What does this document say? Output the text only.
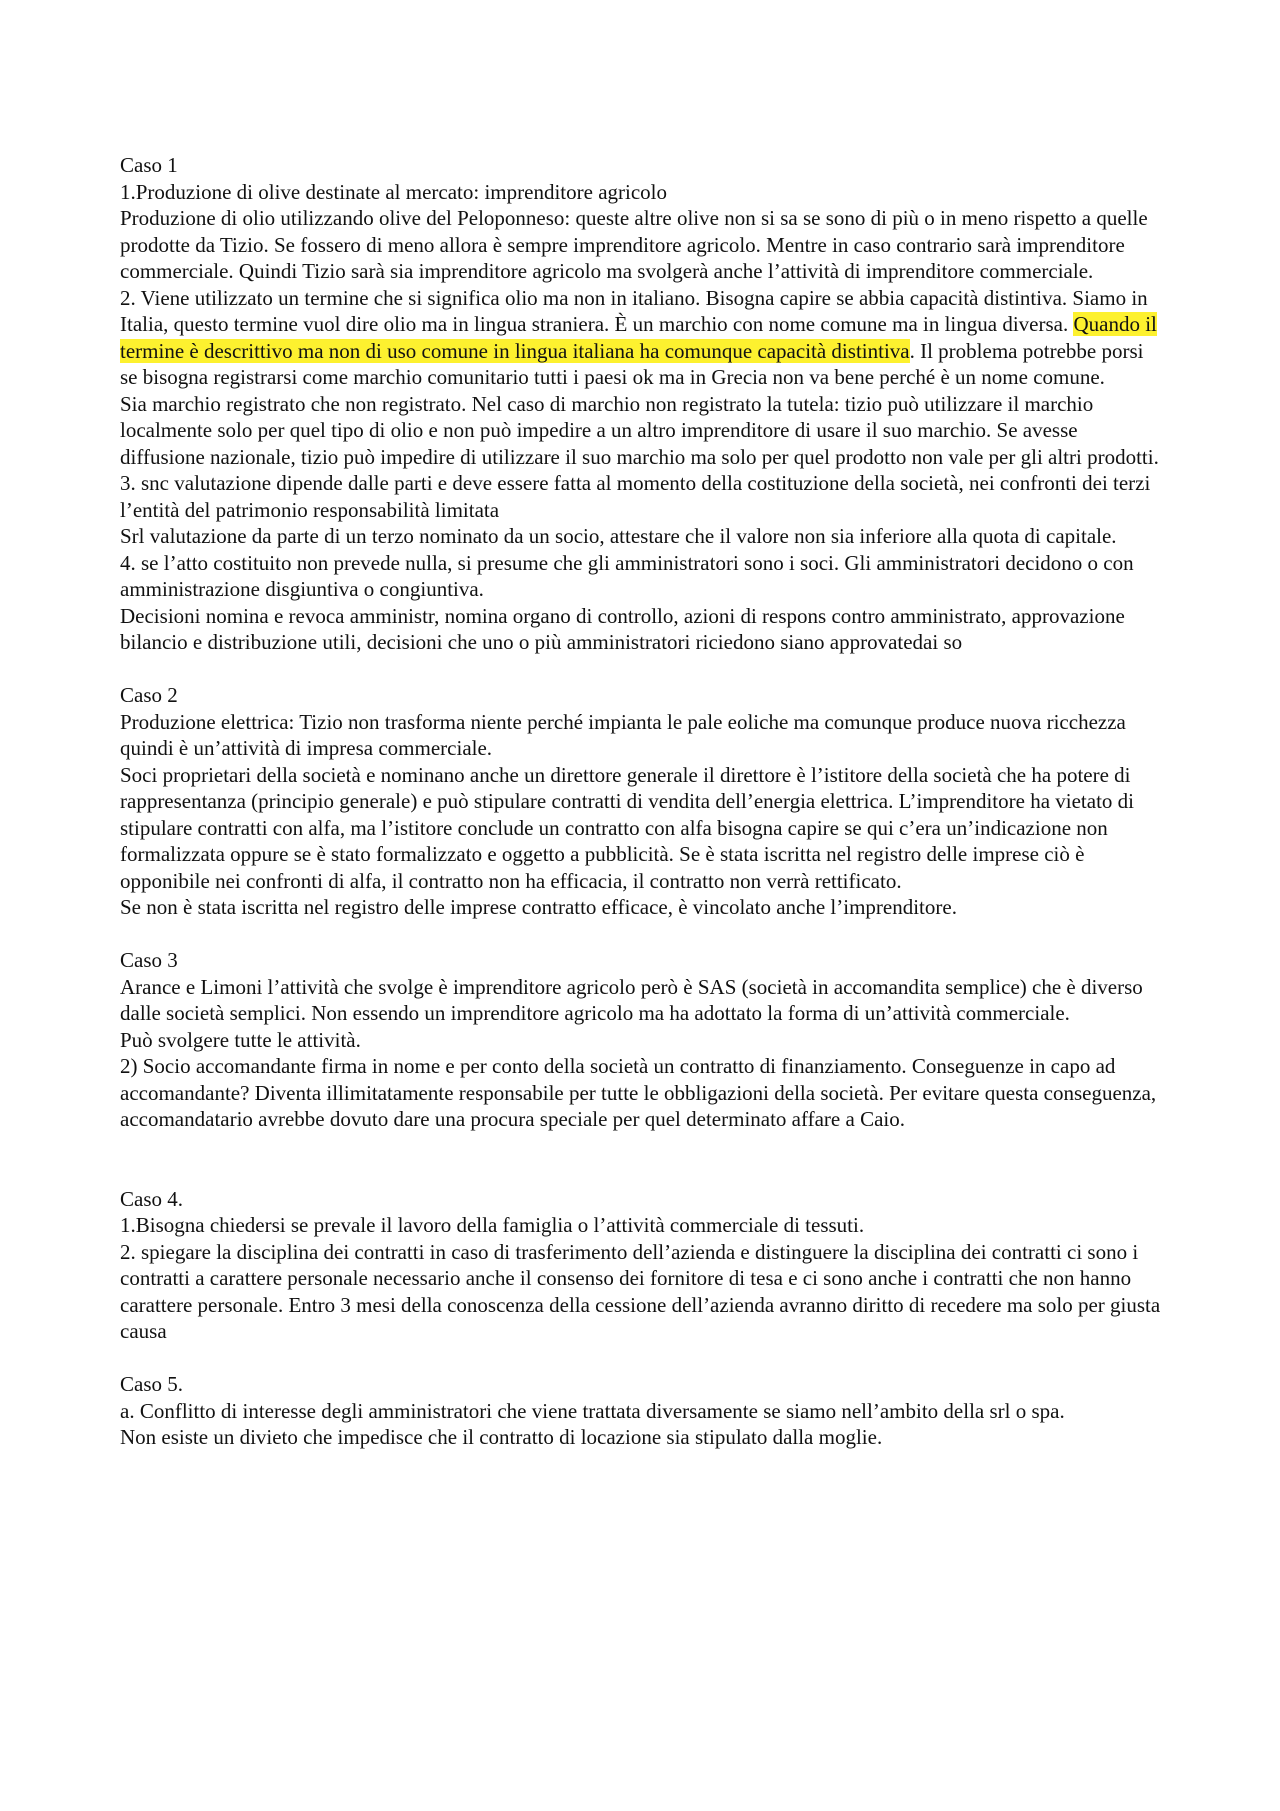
Caso 1

1.Produzione di olive destinate al mercato: imprenditore agricolo

Produzione di olio utilizzando olive del Peloponneso: queste altre olive non si sa se sono di più o in meno rispetto a quelle prodotte da Tizio. Se fossero di meno allora è sempre imprenditore agricolo. Mentre in caso contrario sarà imprenditore commerciale. Quindi Tizio sarà sia imprenditore agricolo ma svolgerà anche l’attività di imprenditore commerciale.

2. Viene utilizzato un termine che si significa olio ma non in italiano. Bisogna capire se abbia capacità distintiva. Siamo in Italia, questo termine vuol dire olio ma in lingua straniera. È un marchio con nome comune ma in lingua diversa. Quando il termine è descrittivo ma non di uso comune in lingua italiana ha comunque capacità distintiva. Il problema potrebbe porsi se bisogna registrarsi come marchio comunitario tutti i paesi ok ma in Grecia non va bene perché è un nome comune.

Sia marchio registrato che non registrato. Nel caso di marchio non registrato la tutela: tizio può utilizzare il marchio localmente solo per quel tipo di olio e non può impedire a un altro imprenditore di usare il suo marchio. Se avesse diffusione nazionale, tizio può impedire di utilizzare il suo marchio ma solo per quel prodotto non vale per gli altri prodotti.

3. snc valutazione dipende dalle parti e deve essere fatta al momento della costituzione della società, nei confronti dei terzi l’entità del patrimonio responsabilità limitata

Srl valutazione da parte di un terzo nominato da un socio, attestare che il valore non sia inferiore alla quota di capitale.

4. se l’atto costituito non prevede nulla, si presume che gli amministratori sono i soci. Gli amministratori decidono o con amministrazione disgiuntiva o congiuntiva.

Decisioni nomina e revoca amministr, nomina organo di controllo, azioni di respons contro amministrato, approvazione bilancio e distribuzione utili, decisioni che uno o più amministratori riciedono siano approvatedai so

Caso 2

Produzione elettrica: Tizio non trasforma niente perché impianta le pale eoliche ma comunque produce nuova ricchezza quindi è un’attività di impresa commerciale.

Soci proprietari della società e nominano anche un direttore generale il direttore è l’istitore della società che ha potere di rappresentanza (principio generale) e può stipulare contratti di vendita dell’energia elettrica. L’imprenditore ha vietato di stipulare contratti con alfa, ma l’istitore conclude un contratto con alfa bisogna capire se qui c’era un’indicazione non formalizzata oppure se è stato formalizzato e oggetto a pubblicità. Se è stata iscritta nel registro delle imprese ciò è opponibile nei confronti di alfa, il contratto non ha efficacia, il contratto non verrà rettificato.

Se non è stata iscritta nel registro delle imprese contratto efficace, è vincolato anche l’imprenditore.

Caso 3

Arance e Limoni l’attività che svolge è imprenditore agricolo però è SAS (società in accomandita semplice) che è diverso dalle società semplici. Non essendo un imprenditore agricolo ma ha adottato la forma di un’attività commerciale.

Può svolgere tutte le attività.

2) Socio accomandante firma in nome e per conto della società un contratto di finanziamento. Conseguenze in capo ad accomandante? Diventa illimitatamente responsabile per tutte le obbligazioni della società. Per evitare questa conseguenza, accomandatario avrebbe dovuto dare una procura speciale per quel determinato affare a Caio.

Caso 4.

1.Bisogna chiedersi se prevale il lavoro della famiglia o l’attività commerciale di tessuti.

2. spiegare la disciplina dei contratti in caso di trasferimento dell’azienda e distinguere la disciplina dei contratti ci sono i contratti a carattere personale necessario anche il consenso dei fornitore di tesa e ci sono anche i contratti che non hanno carattere personale. Entro 3 mesi della conoscenza della cessione dell’azienda avranno diritto di recedere ma solo per giusta causa

Caso 5.

a. Conflitto di interesse degli amministratori che viene trattata diversamente se siamo nell’ambito della srl o spa.

Non esiste un divieto che impedisce che il contratto di locazione sia stipulato dalla moglie.
